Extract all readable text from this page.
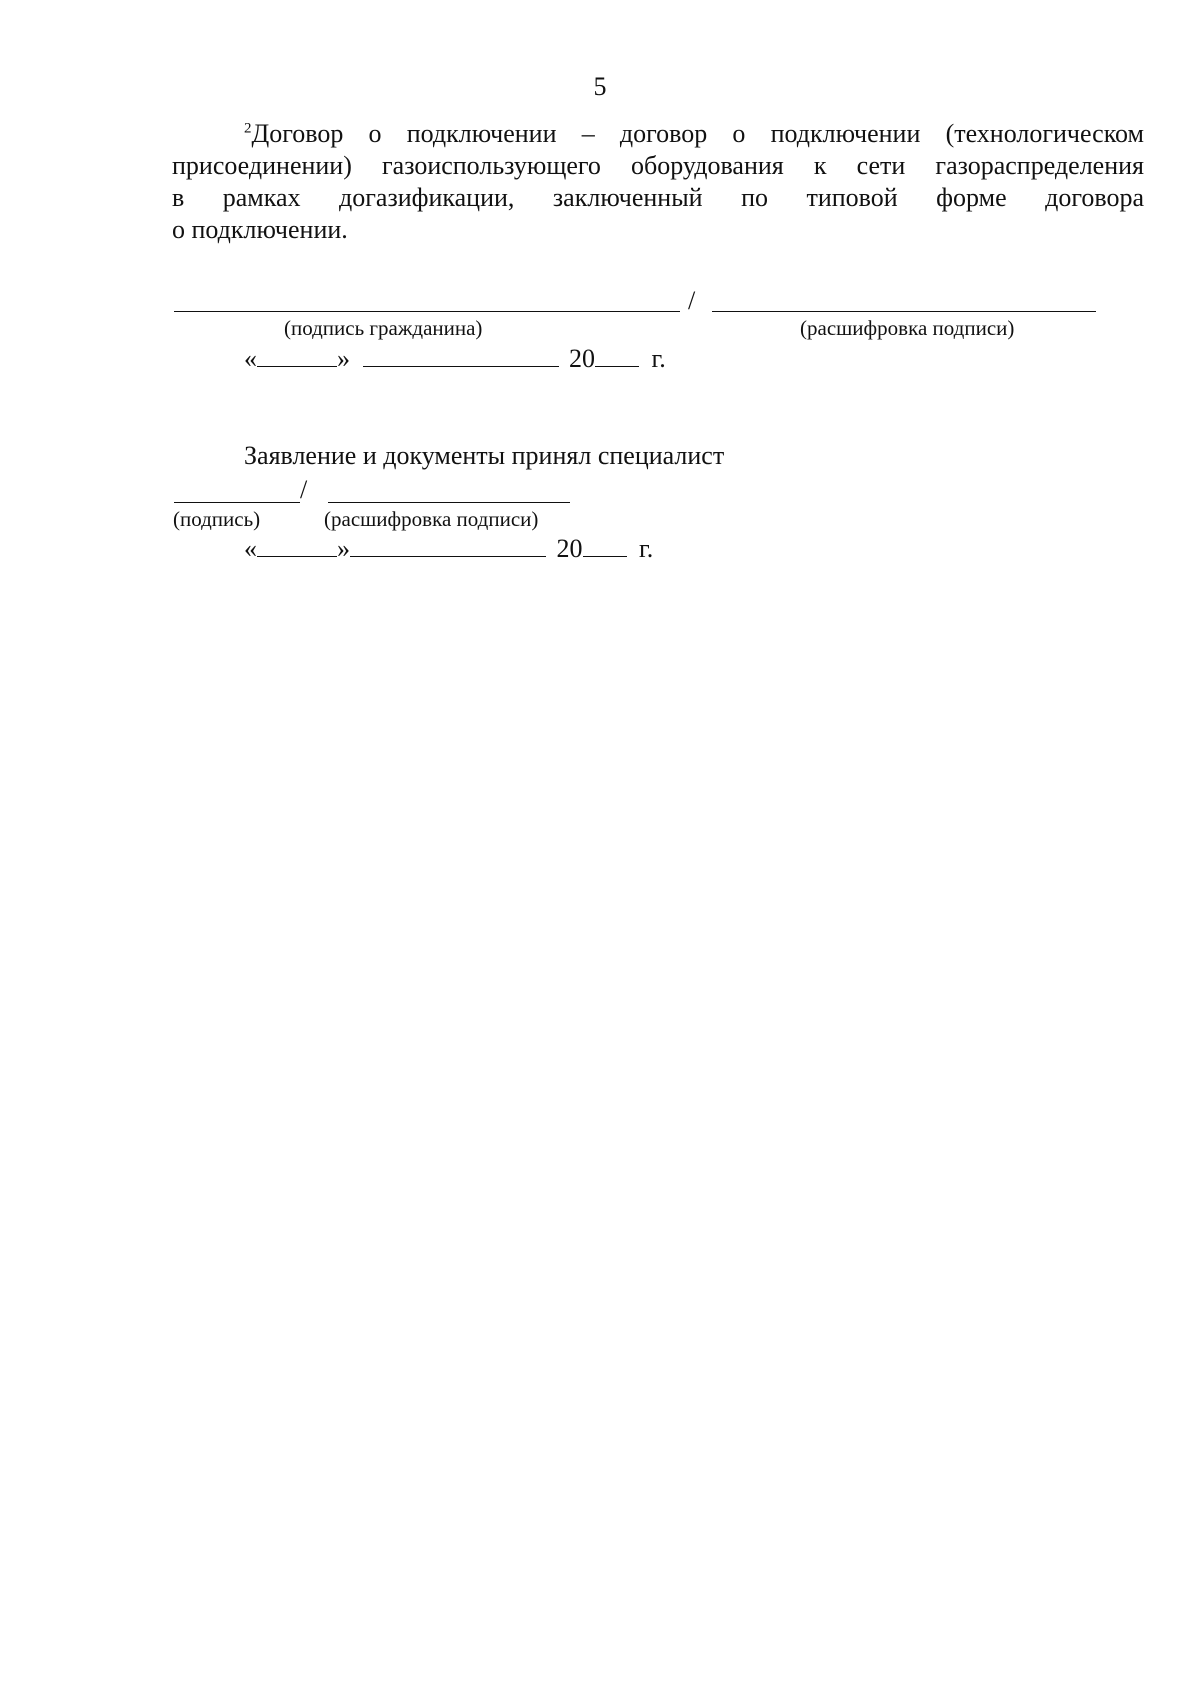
5
$^2$Договор о подключении – договор о подключении (технологическом
присоединении) газоиспользующего оборудования к сети газораспределения
в рамках догазификации, заключенный по типовой форме договора
о подключении.
/
(подпись гражданина)	(расшифровка подписи)
«	»	20 г.
Заявление и документы принял специалист
/
(подпись)	(расшифровка подписи)
«	»	20 г.
